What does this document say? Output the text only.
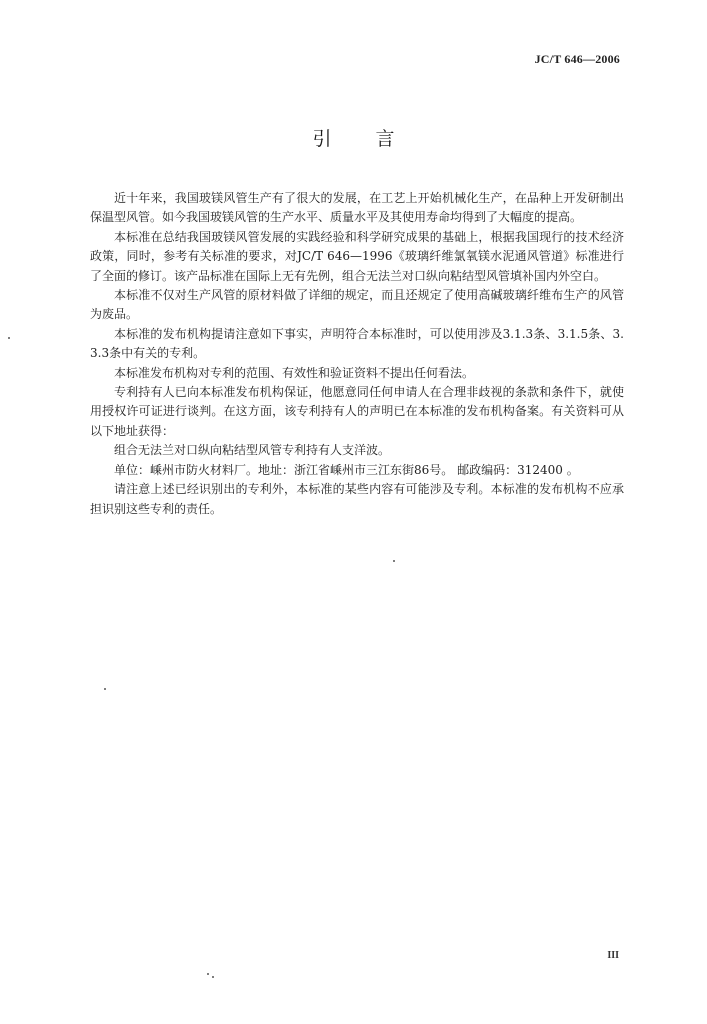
JC/T 646—2006
引言

近十年来，我国玻镁风管生产有了很大的发展，在工艺上开始机械化生产，在品种上开发研制出保温型风管。如今我国玻镁风管的生产水平、质量水平及其使用寿命均得到了大幅度的提高。

本标准在总结我国玻镁风管发展的实践经验和科学研究成果的基础上，根据我国现行的技术经济政策，同时，参考有关标准的要求，对JC/T 646—1996《玻璃纤维氯氧镁水泥通风管道》标准进行了全面的修订。该产品标准在国际上无有先例，组合无法兰对口纵向粘结型风管填补国内外空白。

本标准不仅对生产风管的原材料做了详细的规定，而且还规定了使用高碱玻璃纤维布生产的风管为废品。

本标准的发布机构提请注意如下事实，声明符合本标准时，可以使用涉及3.1.3条、3.1.5条、3.3.3条中有关的专利。

本标准发布机构对专利的范围、有效性和验证资料不提出任何看法。

专利持有人已向本标准发布机构保证，他愿意同任何申请人在合理非歧视的条款和条件下，就使用授权许可证进行谈判。在这方面，该专利持有人的声明已在本标准的发布机构备案。有关资料可从以下地址获得：

组合无法兰对口纵向粘结型风管专利持有人支洋波。

单位：嵊州市防火材料厂。地址：浙江省嵊州市三江东街86号。 邮政编码：312400 。

请注意上述已经识别出的专利外，本标准的某些内容有可能涉及专利。本标准的发布机构不应承担识别这些专利的责任。

III
